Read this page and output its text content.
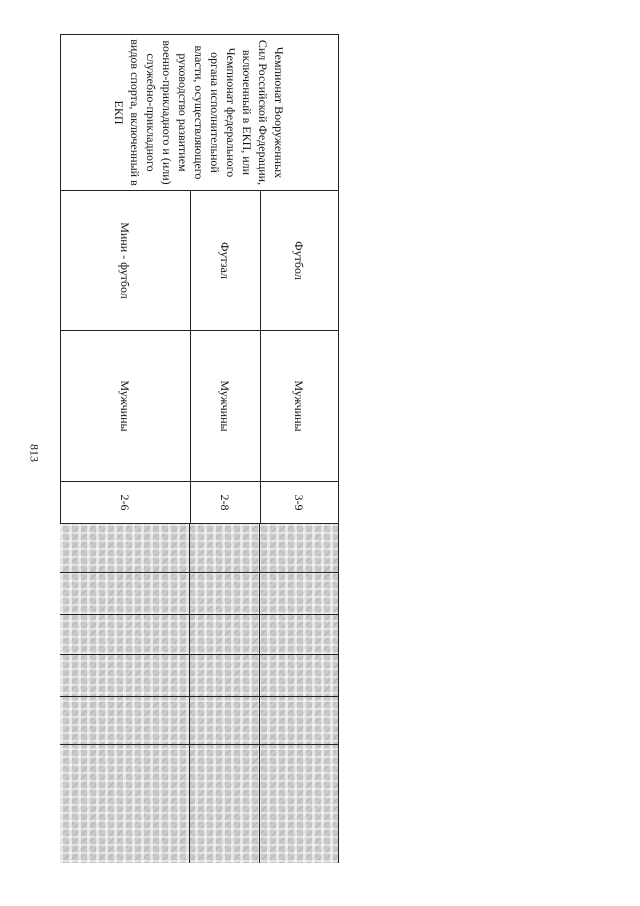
813
Чемпионат Вооруженных Сил Российской Федерации, включенный в ЕКП, или Чемпионат федерального органа исполнительной власти, осуществляющего руководство развитием военно-прикладного и (или) служебно-прикладного видов спорта, включенный в ЕКП	Футбол	Мужчины	3-9	

	Футзал	Мужчины	2-8	
	Мини - футбол	Мужчины	2-6	
